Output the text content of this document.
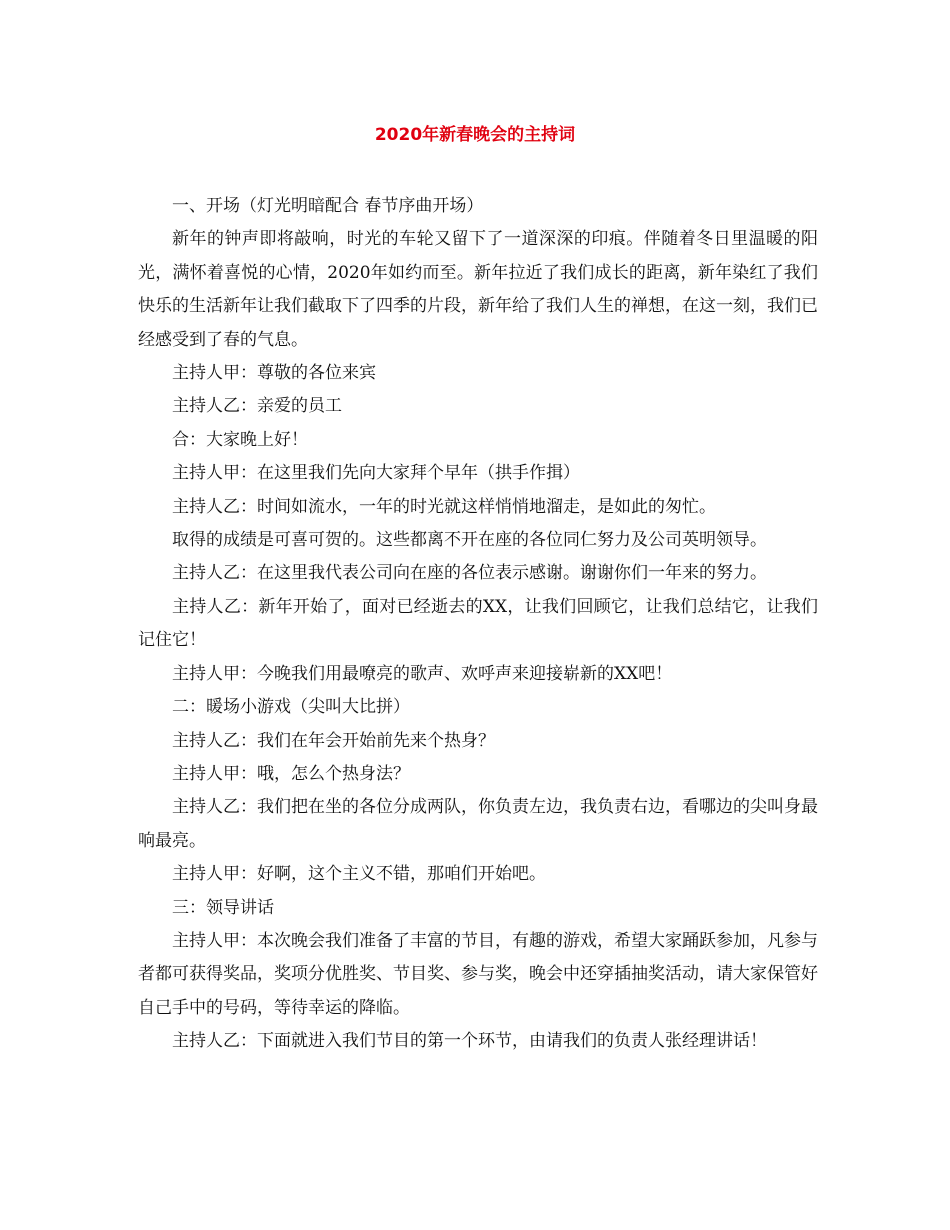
2020年新春晚会的主持词

一、开场（灯光明暗配合 春节序曲开场）

新年的钟声即将敲响，时光的车轮又留下了一道深深的印痕。伴随着冬日里温暖的阳光，满怀着喜悦的心情，2020年如约而至。新年拉近了我们成长的距离，新年染红了我们快乐的生活新年让我们截取下了四季的片段，新年给了我们人生的禅想，在这一刻，我们已经感受到了春的气息。

主持人甲：尊敬的各位来宾

主持人乙：亲爱的员工

合：大家晚上好！

主持人甲：在这里我们先向大家拜个早年（拱手作揖）

主持人乙：时间如流水，一年的时光就这样悄悄地溜走，是如此的匆忙。

取得的成绩是可喜可贺的。这些都离不开在座的各位同仁努力及公司英明领导。

主持人乙：在这里我代表公司向在座的各位表示感谢。谢谢你们一年来的努力。

主持人乙：新年开始了，面对已经逝去的XX，让我们回顾它，让我们总结它，让我们记住它！

主持人甲：今晚我们用最嘹亮的歌声、欢呼声来迎接崭新的XX吧！

二：暖场小游戏（尖叫大比拼）

主持人乙：我们在年会开始前先来个热身？

主持人甲：哦，怎么个热身法？

主持人乙：我们把在坐的各位分成两队，你负责左边，我负责右边，看哪边的尖叫身最响最亮。

主持人甲：好啊，这个主义不错，那咱们开始吧。

三：领导讲话

主持人甲：本次晚会我们准备了丰富的节目，有趣的游戏，希望大家踊跃参加，凡参与者都可获得奖品，奖项分优胜奖、节目奖、参与奖，晚会中还穿插抽奖活动，请大家保管好自己手中的号码，等待幸运的降临。

主持人乙：下面就进入我们节目的第一个环节，由请我们的负责人张经理讲话！
